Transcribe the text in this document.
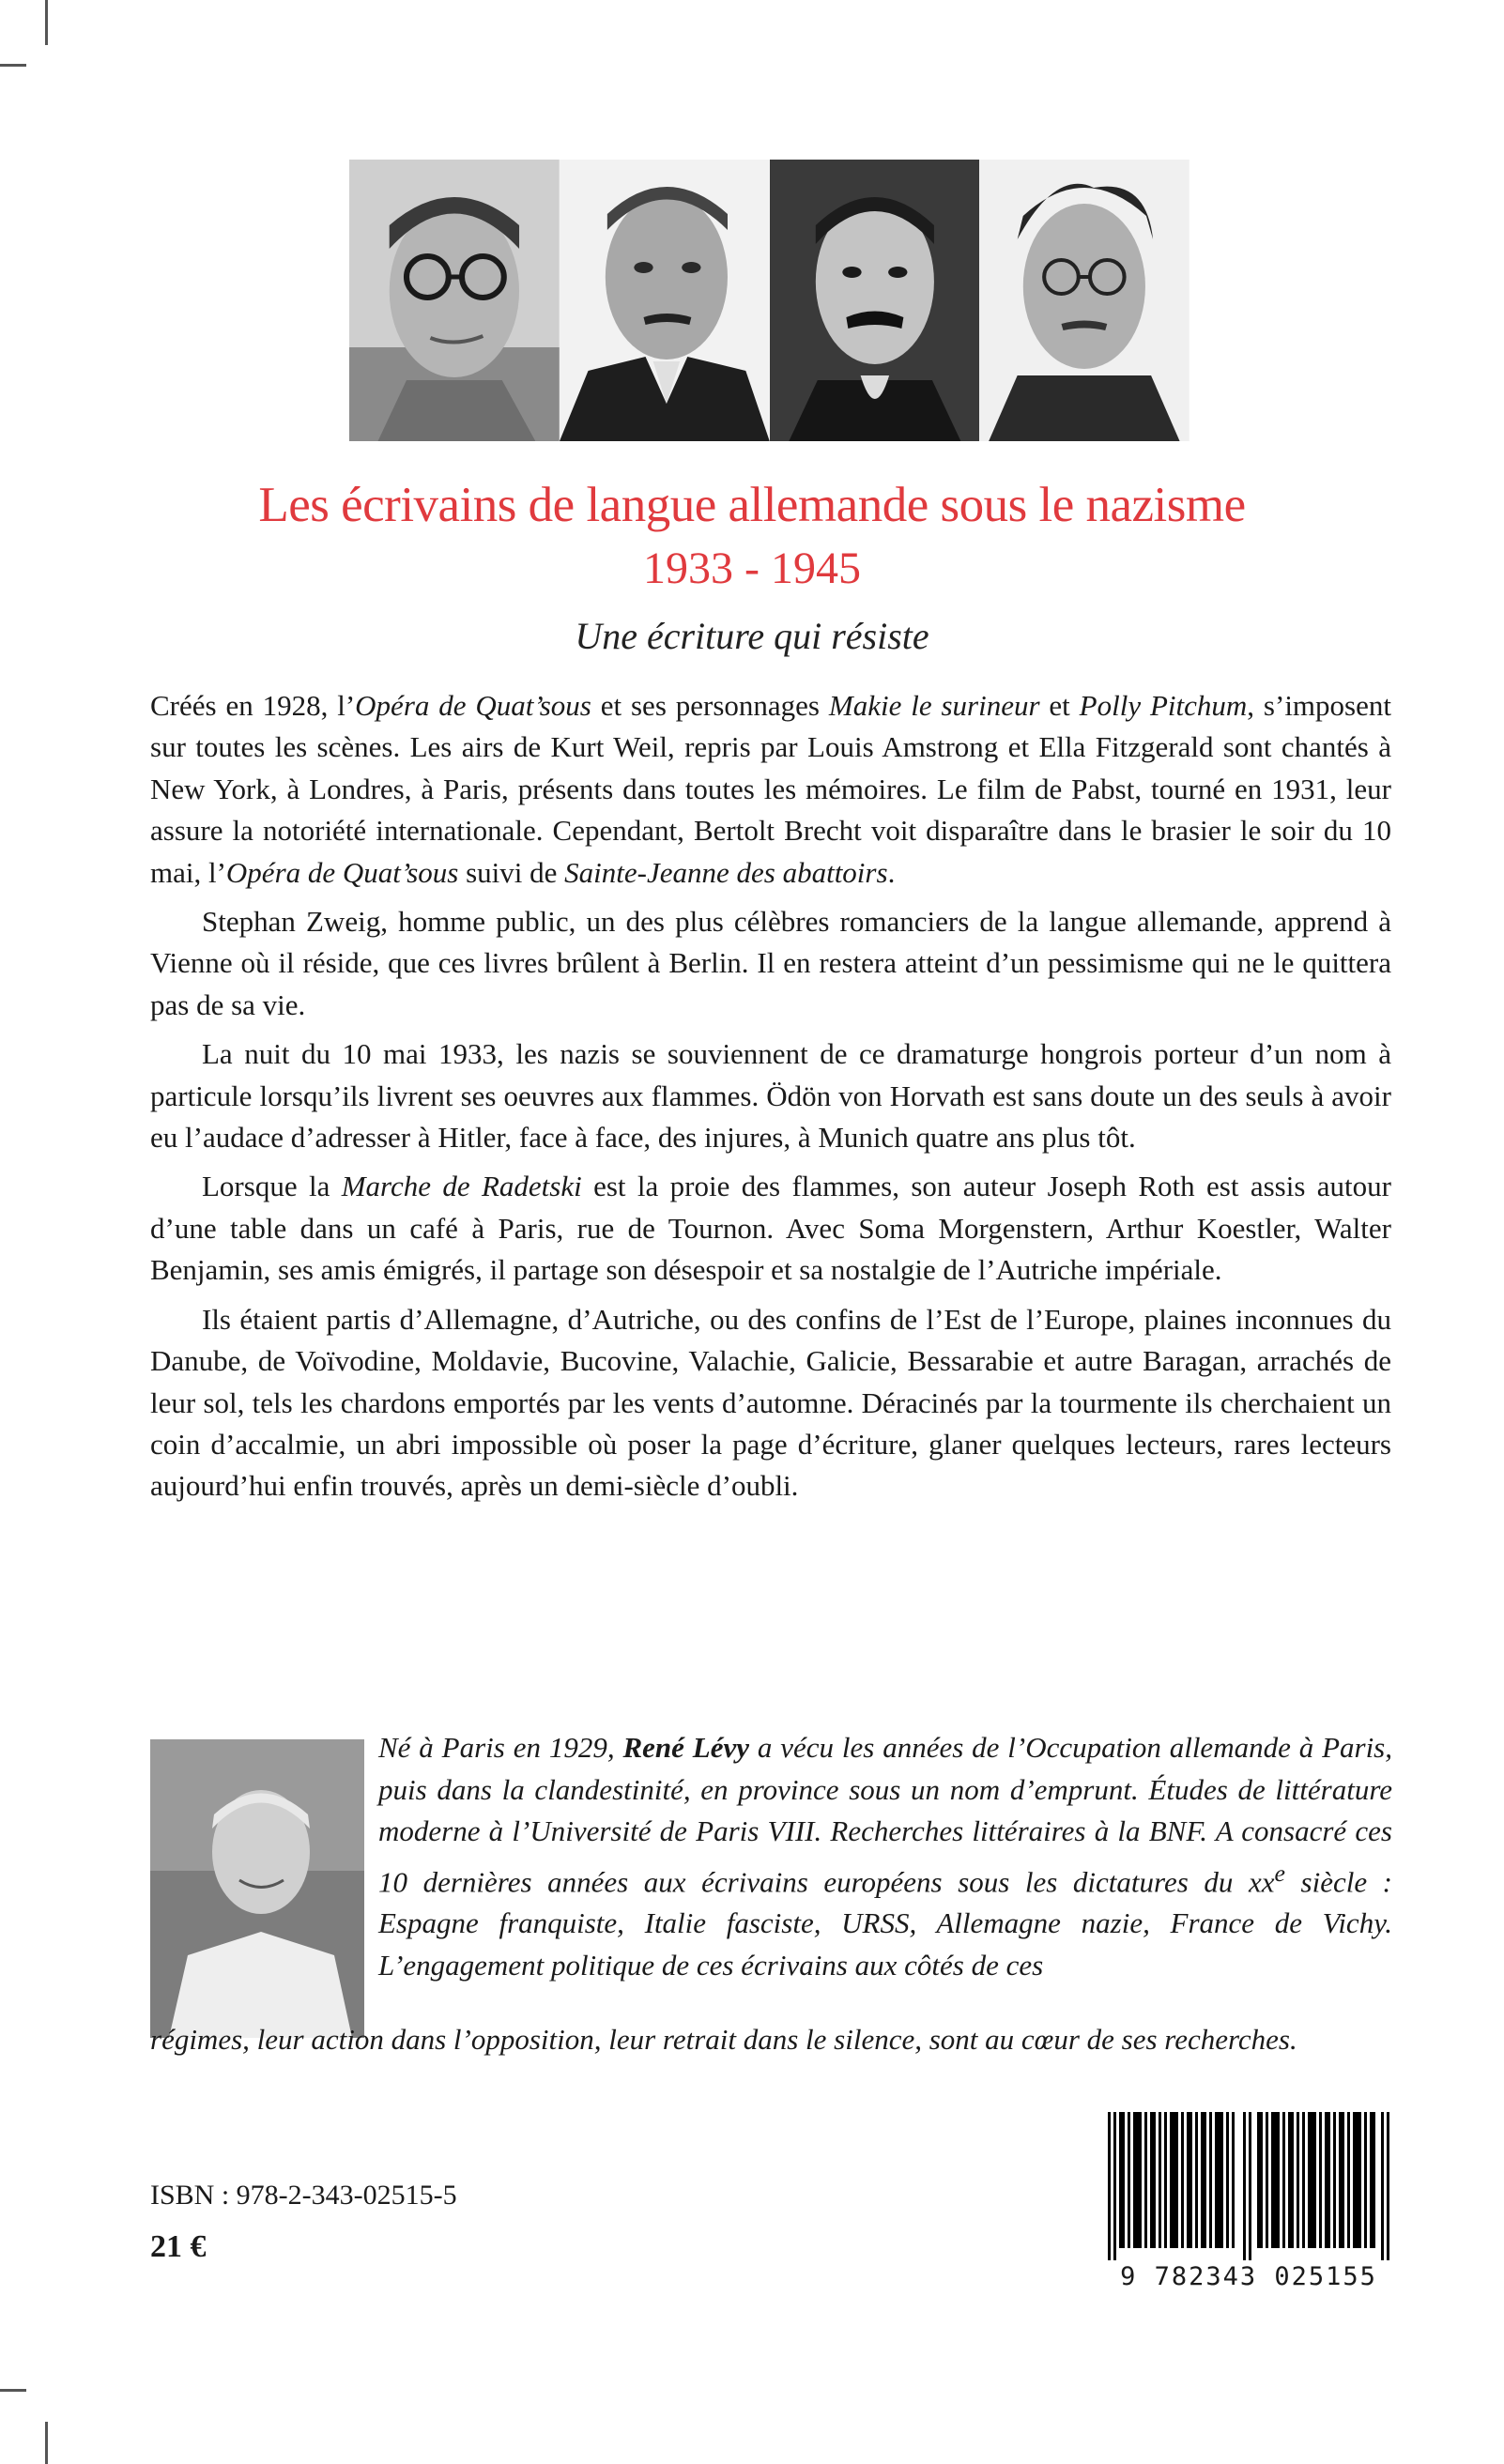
Les écrivains de langue allemande sous le nazisme
1933 - 1945
Une écriture qui résiste

Créés en 1928, l’Opéra de Quat’sous et ses personnages Makie le surineur et Polly Pitchum, s’imposent sur toutes les scènes. Les airs de Kurt Weil, repris par Louis Amstrong et Ella Fitzgerald sont chantés à New York, à Londres, à Paris, présents dans toutes les mémoires. Le film de Pabst, tourné en 1931, leur assure la notoriété internationale. Cependant, Bertolt Brecht voit disparaître dans le brasier le soir du 10 mai, l’Opéra de Quat’sous suivi de Sainte-Jeanne des abattoirs.

Stephan Zweig, homme public, un des plus célèbres romanciers de la langue allemande, apprend à Vienne où il réside, que ces livres brûlent à Berlin. Il en restera atteint d’un pessimisme qui ne le quittera pas de sa vie.

La nuit du 10 mai 1933, les nazis se souviennent de ce dramaturge hongrois porteur d’un nom à particule lorsqu’ils livrent ses oeuvres aux flammes. Ödön von Horvath est sans doute un des seuls à avoir eu l’audace d’adresser à Hitler, face à face, des injures, à Munich quatre ans plus tôt.

Lorsque la Marche de Radetski est la proie des flammes, son auteur Joseph Roth est assis autour d’une table dans un café à Paris, rue de Tournon. Avec Soma Morgenstern, Arthur Koestler, Walter Benjamin, ses amis émigrés, il partage son désespoir et sa nostalgie de l’Autriche impériale.

Ils étaient partis d’Allemagne, d’Autriche, ou des confins de l’Est de l’Europe, plaines inconnues du Danube, de Voïvodine, Moldavie, Bucovine, Valachie, Galicie, Bessarabie et autre Baragan, arrachés de leur sol, tels les chardons emportés par les vents d’automne. Déracinés par la tourmente ils cherchaient un coin d’accalmie, un abri impossible où poser la page d’écriture, glaner quelques lecteurs, rares lecteurs aujourd’hui enfin trouvés, après un demi-siècle d’oubli.

Né à Paris en 1929, René Lévy a vécu les années de l’Occupation allemande à Paris, puis dans la clandestinité, en province sous un nom d’emprunt. Études de littérature moderne à l’Université de Paris VIII. Recherches littéraires à la BNF. A consacré ces 10 dernières années aux écrivains européens sous les dictatures du $xx^e$ siècle : Espagne franquiste, Italie fasciste, URSS, Allemagne nazie, France de Vichy. L’engagement politique de ces écrivains aux côtés de ces
régimes, leur action dans l’opposition, leur retrait dans le silence, sont au cœur de ses recherches.
ISBN : 978-2-343-02515-5
21 €
9 782343 025155
